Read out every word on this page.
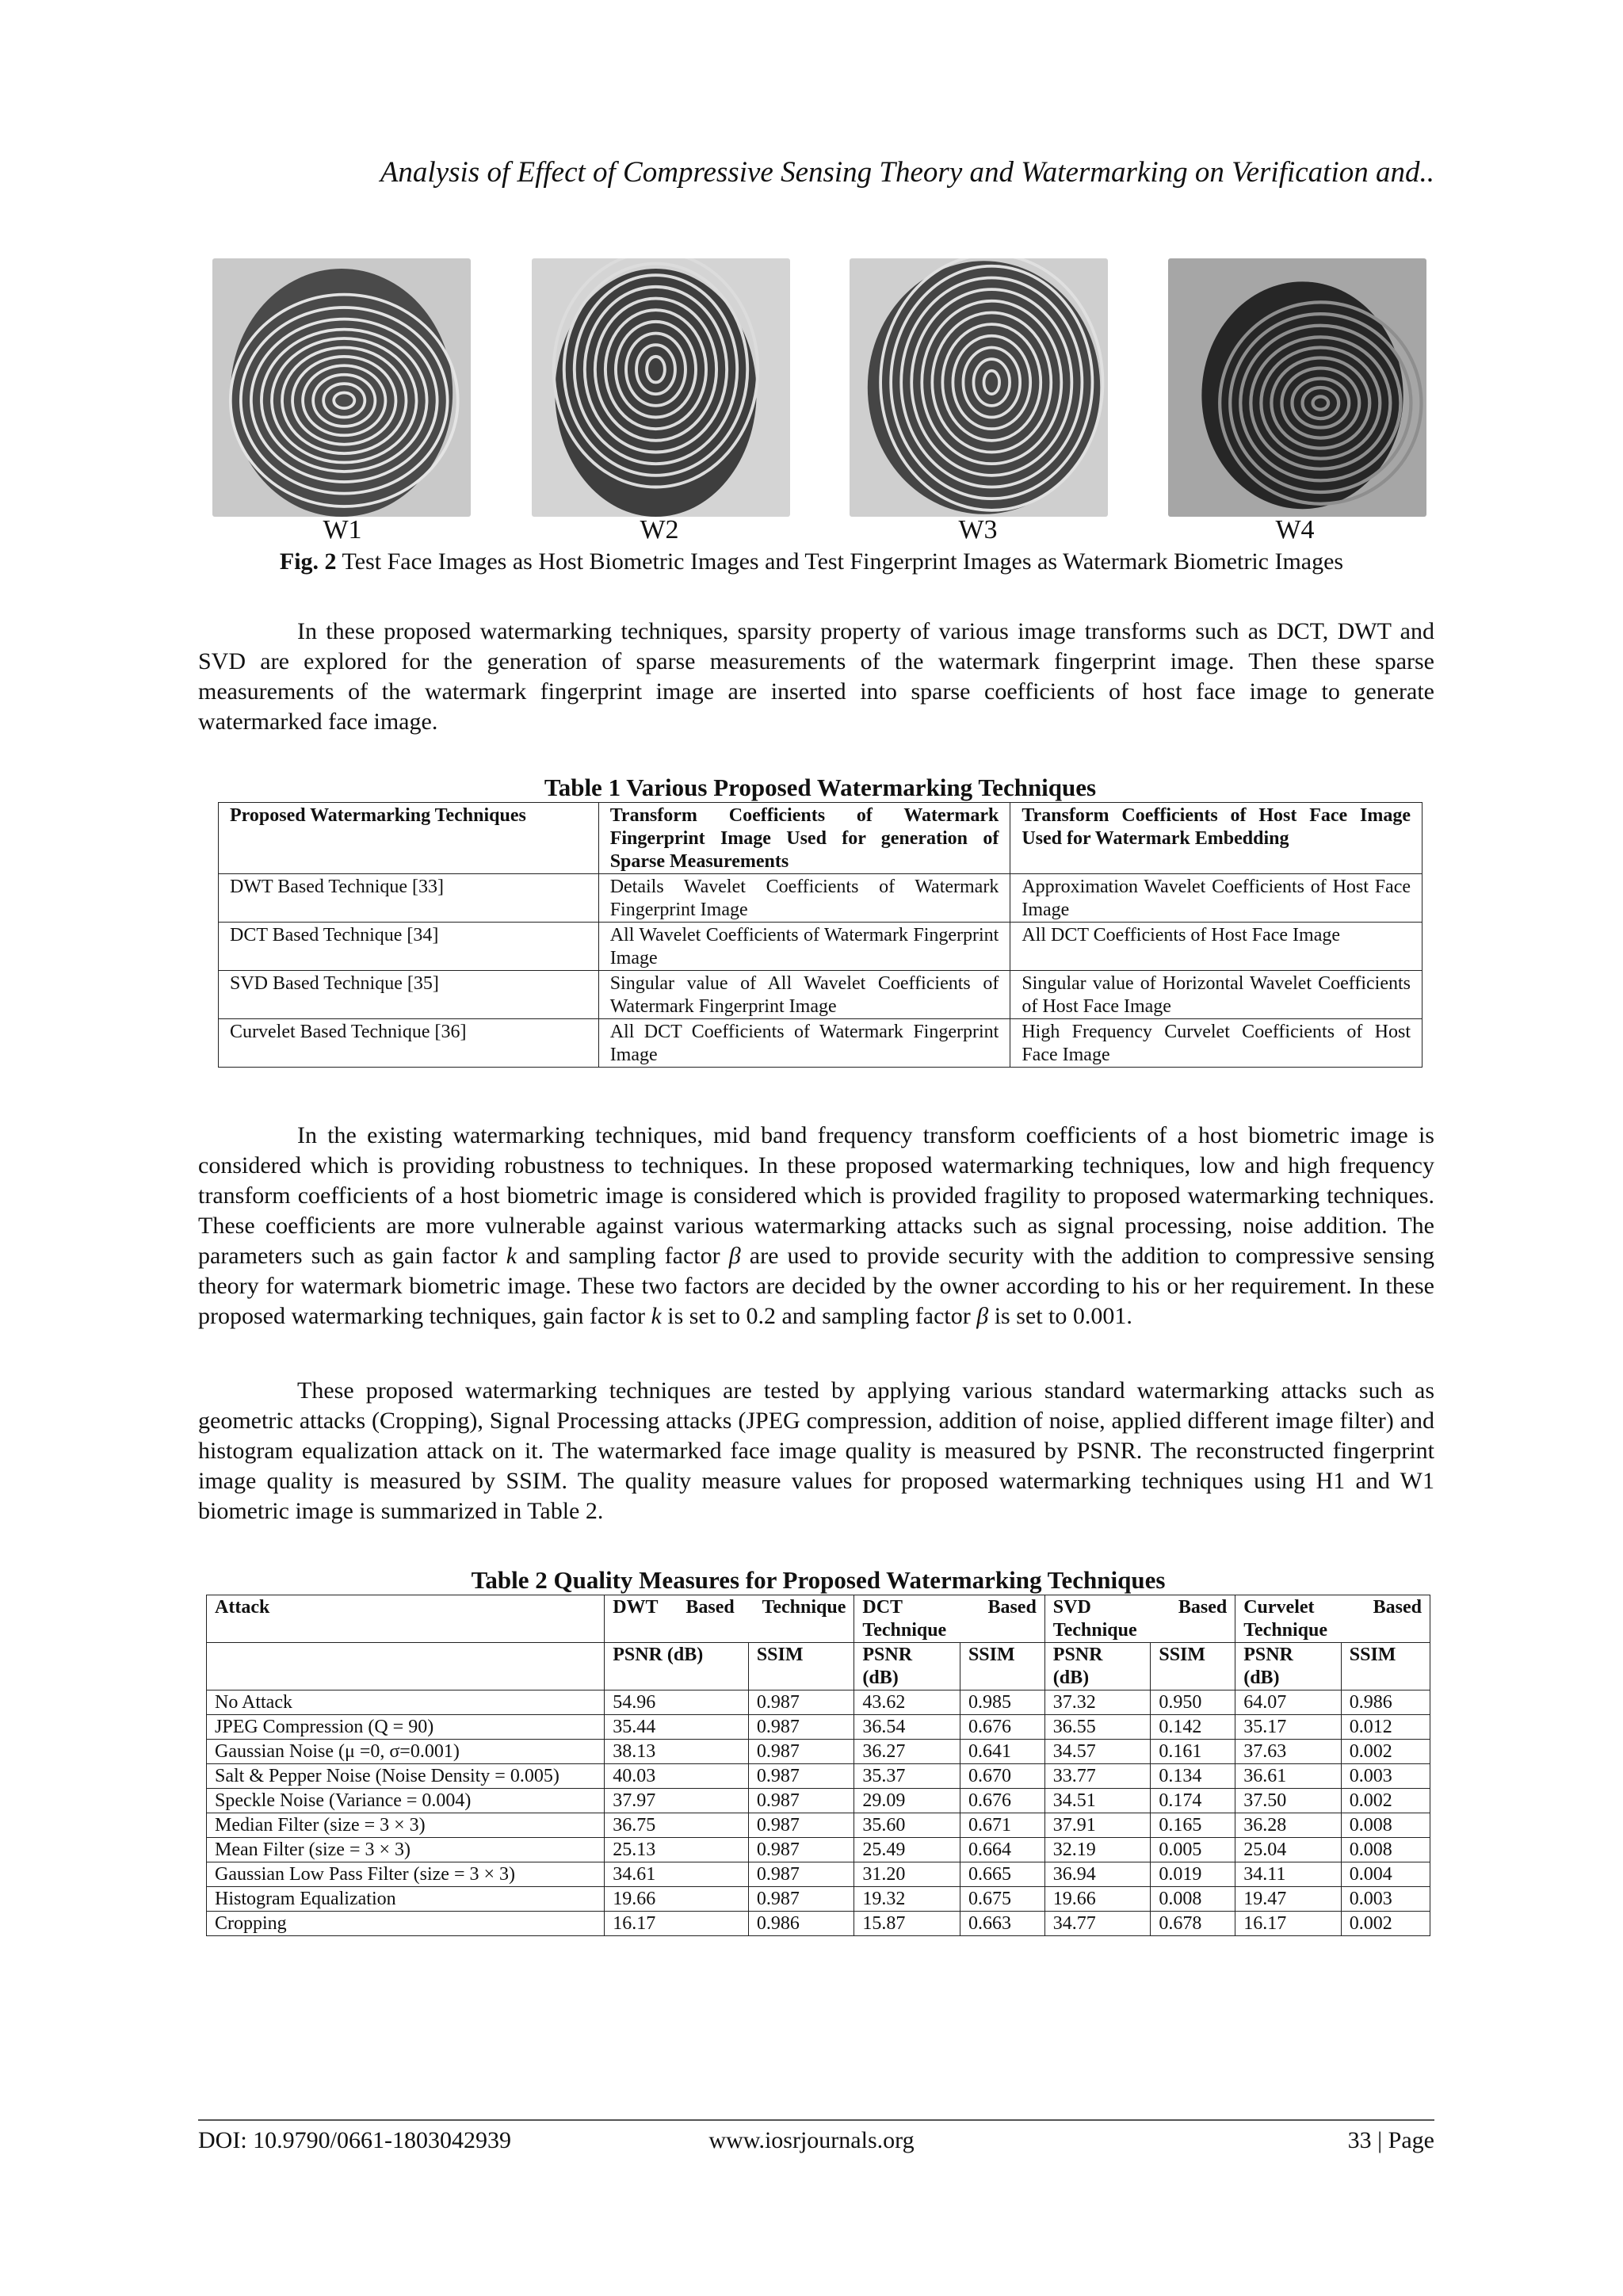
Analysis of Effect of Compressive Sensing Theory and Watermarking on Verification and..
W1	W2	W3	W4
Fig. 2 Test Face Images as Host Biometric Images and Test Fingerprint Images as Watermark Biometric Images

In these proposed watermarking techniques, sparsity property of various image transforms such as DCT, DWT and SVD are explored for the generation of sparse measurements of the watermark fingerprint image. Then these sparse measurements of the watermark fingerprint image are inserted into sparse coefficients of host face image to generate watermarked face image.

Table 1 Various Proposed Watermarking Techniques
Proposed Watermarking Techniques	Transform Coefficients of Watermark Fingerprint Image Used for generation of Sparse Measurements	Transform Coefficients of Host Face Image Used for Watermark Embedding
DWT Based Technique [33]	Details Wavelet Coefficients of Watermark Fingerprint Image	Approximation Wavelet Coefficients of Host Face Image
DCT Based Technique [34]	All Wavelet Coefficients of Watermark Fingerprint Image	All DCT Coefficients of Host Face Image
SVD Based Technique [35]	Singular value of All Wavelet Coefficients of Watermark Fingerprint Image	Singular value of Horizontal Wavelet Coefficients of Host Face Image
Curvelet Based Technique [36]	All DCT Coefficients of Watermark Fingerprint Image	High Frequency Curvelet Coefficients of Host Face Image

In the existing watermarking techniques, mid band frequency transform coefficients of a host biometric image is considered which is providing robustness to techniques. In these proposed watermarking techniques, low and high frequency transform coefficients of a host biometric image is considered which is provided fragility to proposed watermarking techniques. These coefficients are more vulnerable against various watermarking attacks such as signal processing, noise addition. The parameters such as gain factor k and sampling factor β are used to provide security with the addition to compressive sensing theory for watermark biometric image. These two factors are decided by the owner according to his or her requirement. In these proposed watermarking techniques, gain factor k is set to 0.2 and sampling factor β is set to 0.001.

These proposed watermarking techniques are tested by applying various standard watermarking attacks such as geometric attacks (Cropping), Signal Processing attacks (JPEG compression, addition of noise, applied different image filter) and histogram equalization attack on it. The watermarked face image quality is measured by PSNR. The reconstructed fingerprint image quality is measured by SSIM. The quality measure values for proposed watermarking techniques using H1 and W1 biometric image is summarized in Table 2.

Table 2 Quality Measures for Proposed Watermarking Techniques
Attack	DWT Based Technique		DCT Based Technique		SVD Based Technique		Curvelet Based Technique	
	PSNR (dB)	SSIM	PSNR (dB)	SSIM	PSNR (dB)	SSIM	PSNR (dB)	SSIM
No Attack	54.96	0.987	43.62	0.985	37.32	0.950	64.07	0.986
JPEG Compression (Q = 90)	35.44	0.987	36.54	0.676	36.55	0.142	35.17	0.012
Gaussian Noise (μ =0, σ=0.001)	38.13	0.987	36.27	0.641	34.57	0.161	37.63	0.002
Salt & Pepper Noise (Noise Density = 0.005)	40.03	0.987	35.37	0.670	33.77	0.134	36.61	0.003
Speckle Noise (Variance = 0.004)	37.97	0.987	29.09	0.676	34.51	0.174	37.50	0.002
Median Filter (size = 3 × 3)	36.75	0.987	35.60	0.671	37.91	0.165	36.28	0.008
Mean Filter (size = 3 × 3)	25.13	0.987	25.49	0.664	32.19	0.005	25.04	0.008
Gaussian Low Pass Filter (size = 3 × 3)	34.61	0.987	31.20	0.665	36.94	0.019	34.11	0.004
Histogram Equalization	19.66	0.987	19.32	0.675	19.66	0.008	19.47	0.003
Cropping	16.17	0.986	15.87	0.663	34.77	0.678	16.17	0.002
DOI: 10.9790/0661-1803042939	www.iosrjournals.org	33 | Page
